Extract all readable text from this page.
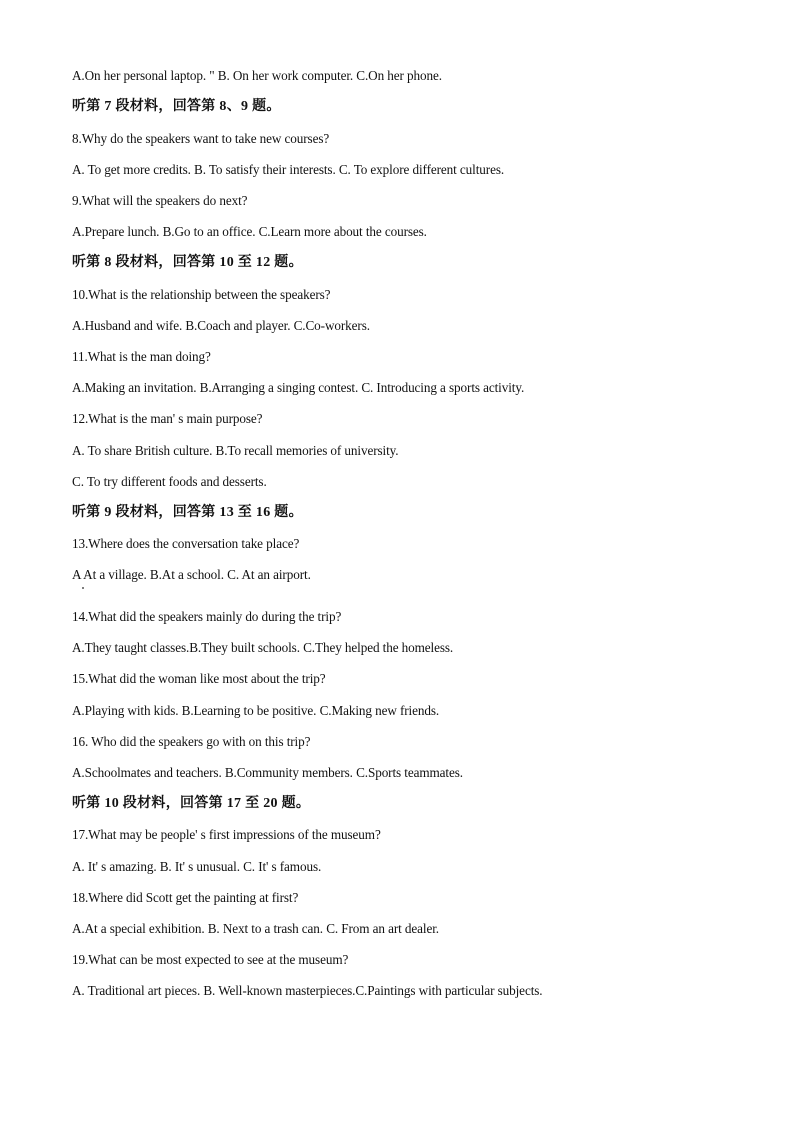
A.On her personal laptop. " B. On her work computer. C.On her phone.
听第 7 段材料，回答第 8、9 题。
8.Why do the speakers want to take new courses?
A. To get more credits. B. To satisfy their interests. C. To explore different cultures.
9.What will the speakers do next?
A.Prepare lunch. B.Go to an office. C.Learn more about the courses.
听第 8 段材料，回答第 10 至 12 题。
10.What is the relationship between the speakers?
A.Husband and wife. B.Coach and player. C.Co-workers.
11.What is the man doing?
A.Making an invitation. B.Arranging a singing contest. C. Introducing a sports activity.
12.What is the man' s main purpose?
A. To share British culture. B.To recall memories of university.
C. To try different foods and desserts.
听第 9 段材料，回答第 13 至 16 题。
13.Where does the conversation take place?
A At a village. B.At a school. C. At an airport.
14.What did the speakers mainly do during the trip?
A.They taught classes.B.They built schools. C.They helped the homeless.
15.What did the woman like most about the trip?
A.Playing with kids. B.Learning to be positive. C.Making new friends.
16. Who did the speakers go with on this trip?
A.Schoolmates and teachers. B.Community members. C.Sports teammates.
听第 10 段材料，回答第 17 至 20 题。
17.What may be people' s first impressions of the museum?
A. It' s amazing. B. It' s unusual. C. It' s famous.
18.Where did Scott get the painting at first?
A.At a special exhibition. B. Next to a trash can. C. From an art dealer.
19.What can be most expected to see at the museum?
A. Traditional art pieces. B. Well-known masterpieces.C.Paintings with particular subjects.
